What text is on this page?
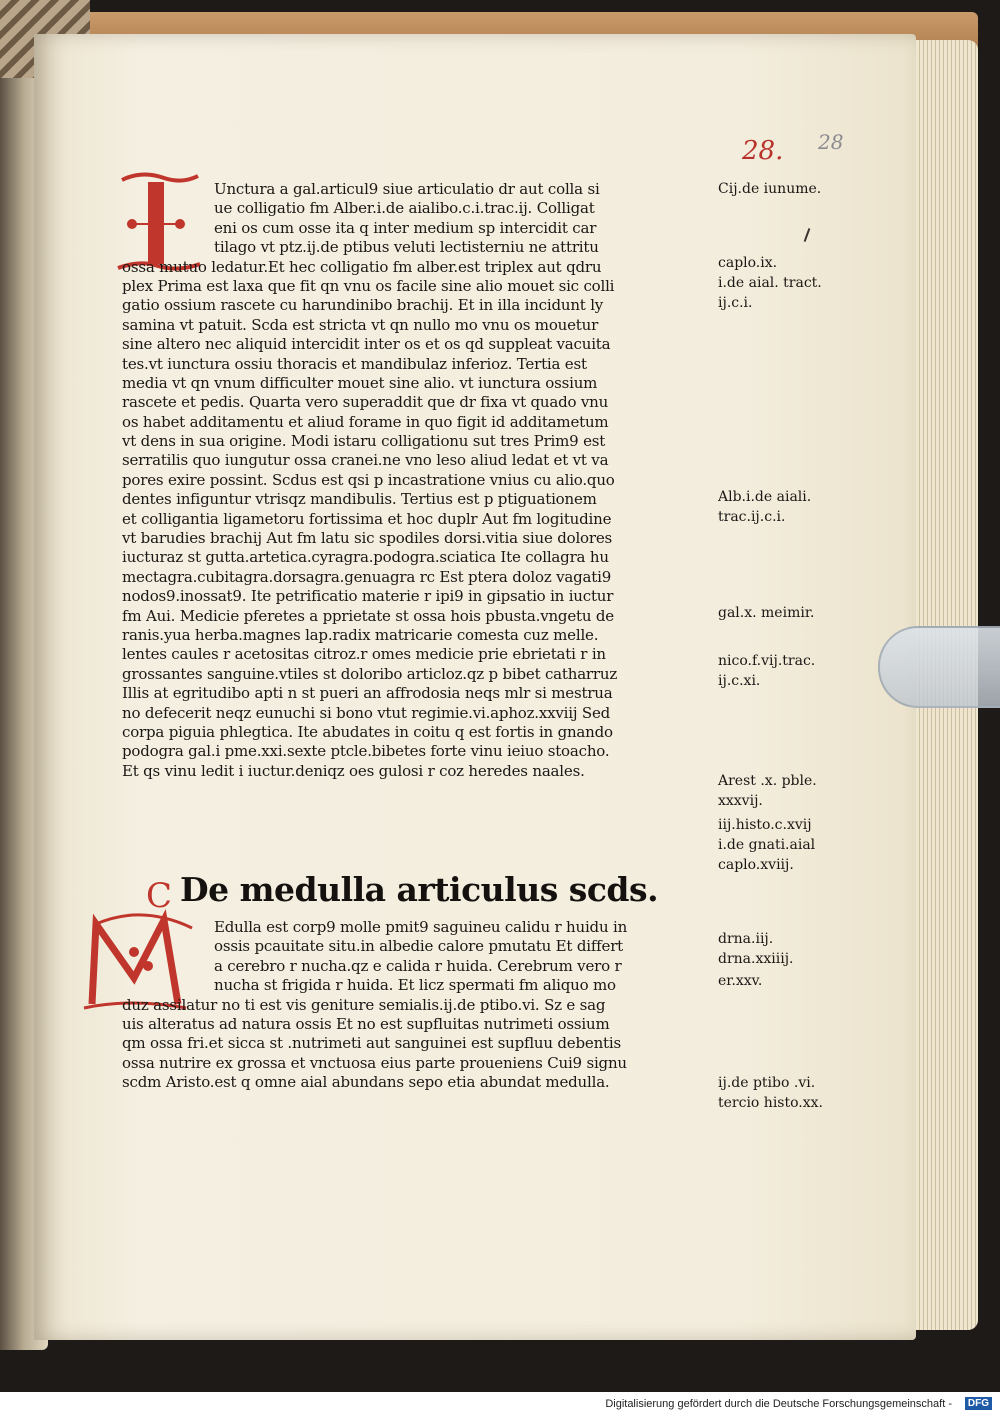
28. 28
Unctura a gal.articul9 siue articulatio dr aut colla si
ue colligatio fm Alber.i.de aialibo.c.i.trac.ij. Colligat
eni os cum osse ita q inter medium sp intercidit car
tilago vt ptz.ij.de ptibus veluti lectisterniu ne attritu
ossa mutuo ledatur.Et hec colligatio fm alber.est triplex aut qdru
plex Prima est laxa que fit qn vnu os facile sine alio mouet sic colli
gatio ossium rascete cu harundinibo brachij. Et in illa incidunt ly
samina vt patuit. Scda est stricta vt qn nullo mo vnu os mouetur
sine altero nec aliquid intercidit inter os et os qd suppleat vacuita
tes.vt iunctura ossiu thoracis et mandibulaz inferioz. Tertia est
media vt qn vnum difficulter mouet sine alio. vt iunctura ossium
rascete et pedis. Quarta vero superaddit que dr fixa vt quado vnu
os habet additamentu et aliud forame in quo figit id additametum
vt dens in sua origine. Modi istaru colligationu sut tres Prim9 est
serratilis quo iungutur ossa cranei.ne vno leso aliud ledat et vt va
pores exire possint. Scdus est qsi p incastratione vnius cu alio.quo
dentes infiguntur vtrisqz mandibulis. Tertius est p ptiguationem
et colligantia ligametoru fortissima et hoc duplr Aut fm logitudine
vt barudies brachij Aut fm latu sic spodiles dorsi.vitia siue dolores
iucturaz st gutta.artetica.cyragra.podogra.sciatica Ite collagra hu
mectagra.cubitagra.dorsagra.genuagra rc Est ptera doloz vagati9
nodos9.inossat9. Ite petrificatio materie r ipi9 in gipsatio in iuctur
fm Aui. Medicie pferetes a pprietate st ossa hois pbusta.vngetu de
ranis.yua herba.magnes lap.radix matricarie comesta cuz melle.
lentes caules r acetositas citroz.r omes medicie prie ebrietati r in
grossantes sanguine.vtiles st doloribo articloz.qz p bibet catharruz
Illis at egritudibo apti n st pueri an affrodosia neqs mlr si mestrua
no defecerit neqz eunuchi si bono vtut regimie.vi.aphoz.xxviij Sed
corpa piguia phlegtica. Ite abudates in coitu q est fortis in gnando
podogra gal.i pme.xxi.sexte ptcle.bibetes forte vinu ieiuo stoacho.
Et qs vinu ledit i iuctur.deniqz oes gulosi r coz heredes naales.
C De medulla articulus scds.
Edulla est corp9 molle pmit9 saguineu calidu r huidu in
ossis pcauitate situ.in albedie calore pmutatu Et differt
a cerebro r nucha.qz e calida r huida. Cerebrum vero r
nucha st frigida r huida. Et licz spermati fm aliquo mo
duz assilatur no ti est vis geniture semialis.ij.de ptibo.vi. Sz e sag
uis alteratus ad natura ossis Et no est supfluitas nutrimeti ossium
qm ossa fri.et sicca st .nutrimeti aut sanguinei est supfluu debentis
ossa nutrire ex grossa et vnctuosa eius parte proueniens Cui9 signu
scdm Aristo.est q omne aial abundans sepo etia abundat medulla.
Cij.de iunume.
caplo.ix.
i.de aial. tract.
ij.c.i.
Alb.i.de aiali.
trac.ij.c.i.
gal.x. meimir.
nico.f.vij.trac.
ij.c.xi.
Arest .x. pble.
xxxvij.
iij.histo.c.xvij
i.de gnati.aial
caplo.xviij.
drna.iij.
drna.xxiiij.
er.xxv.
ij.de ptibo .vi.
tercio histo.xx.
Digitalisierung gefördert durch die Deutsche Forschungsgemeinschaft -	DFG
